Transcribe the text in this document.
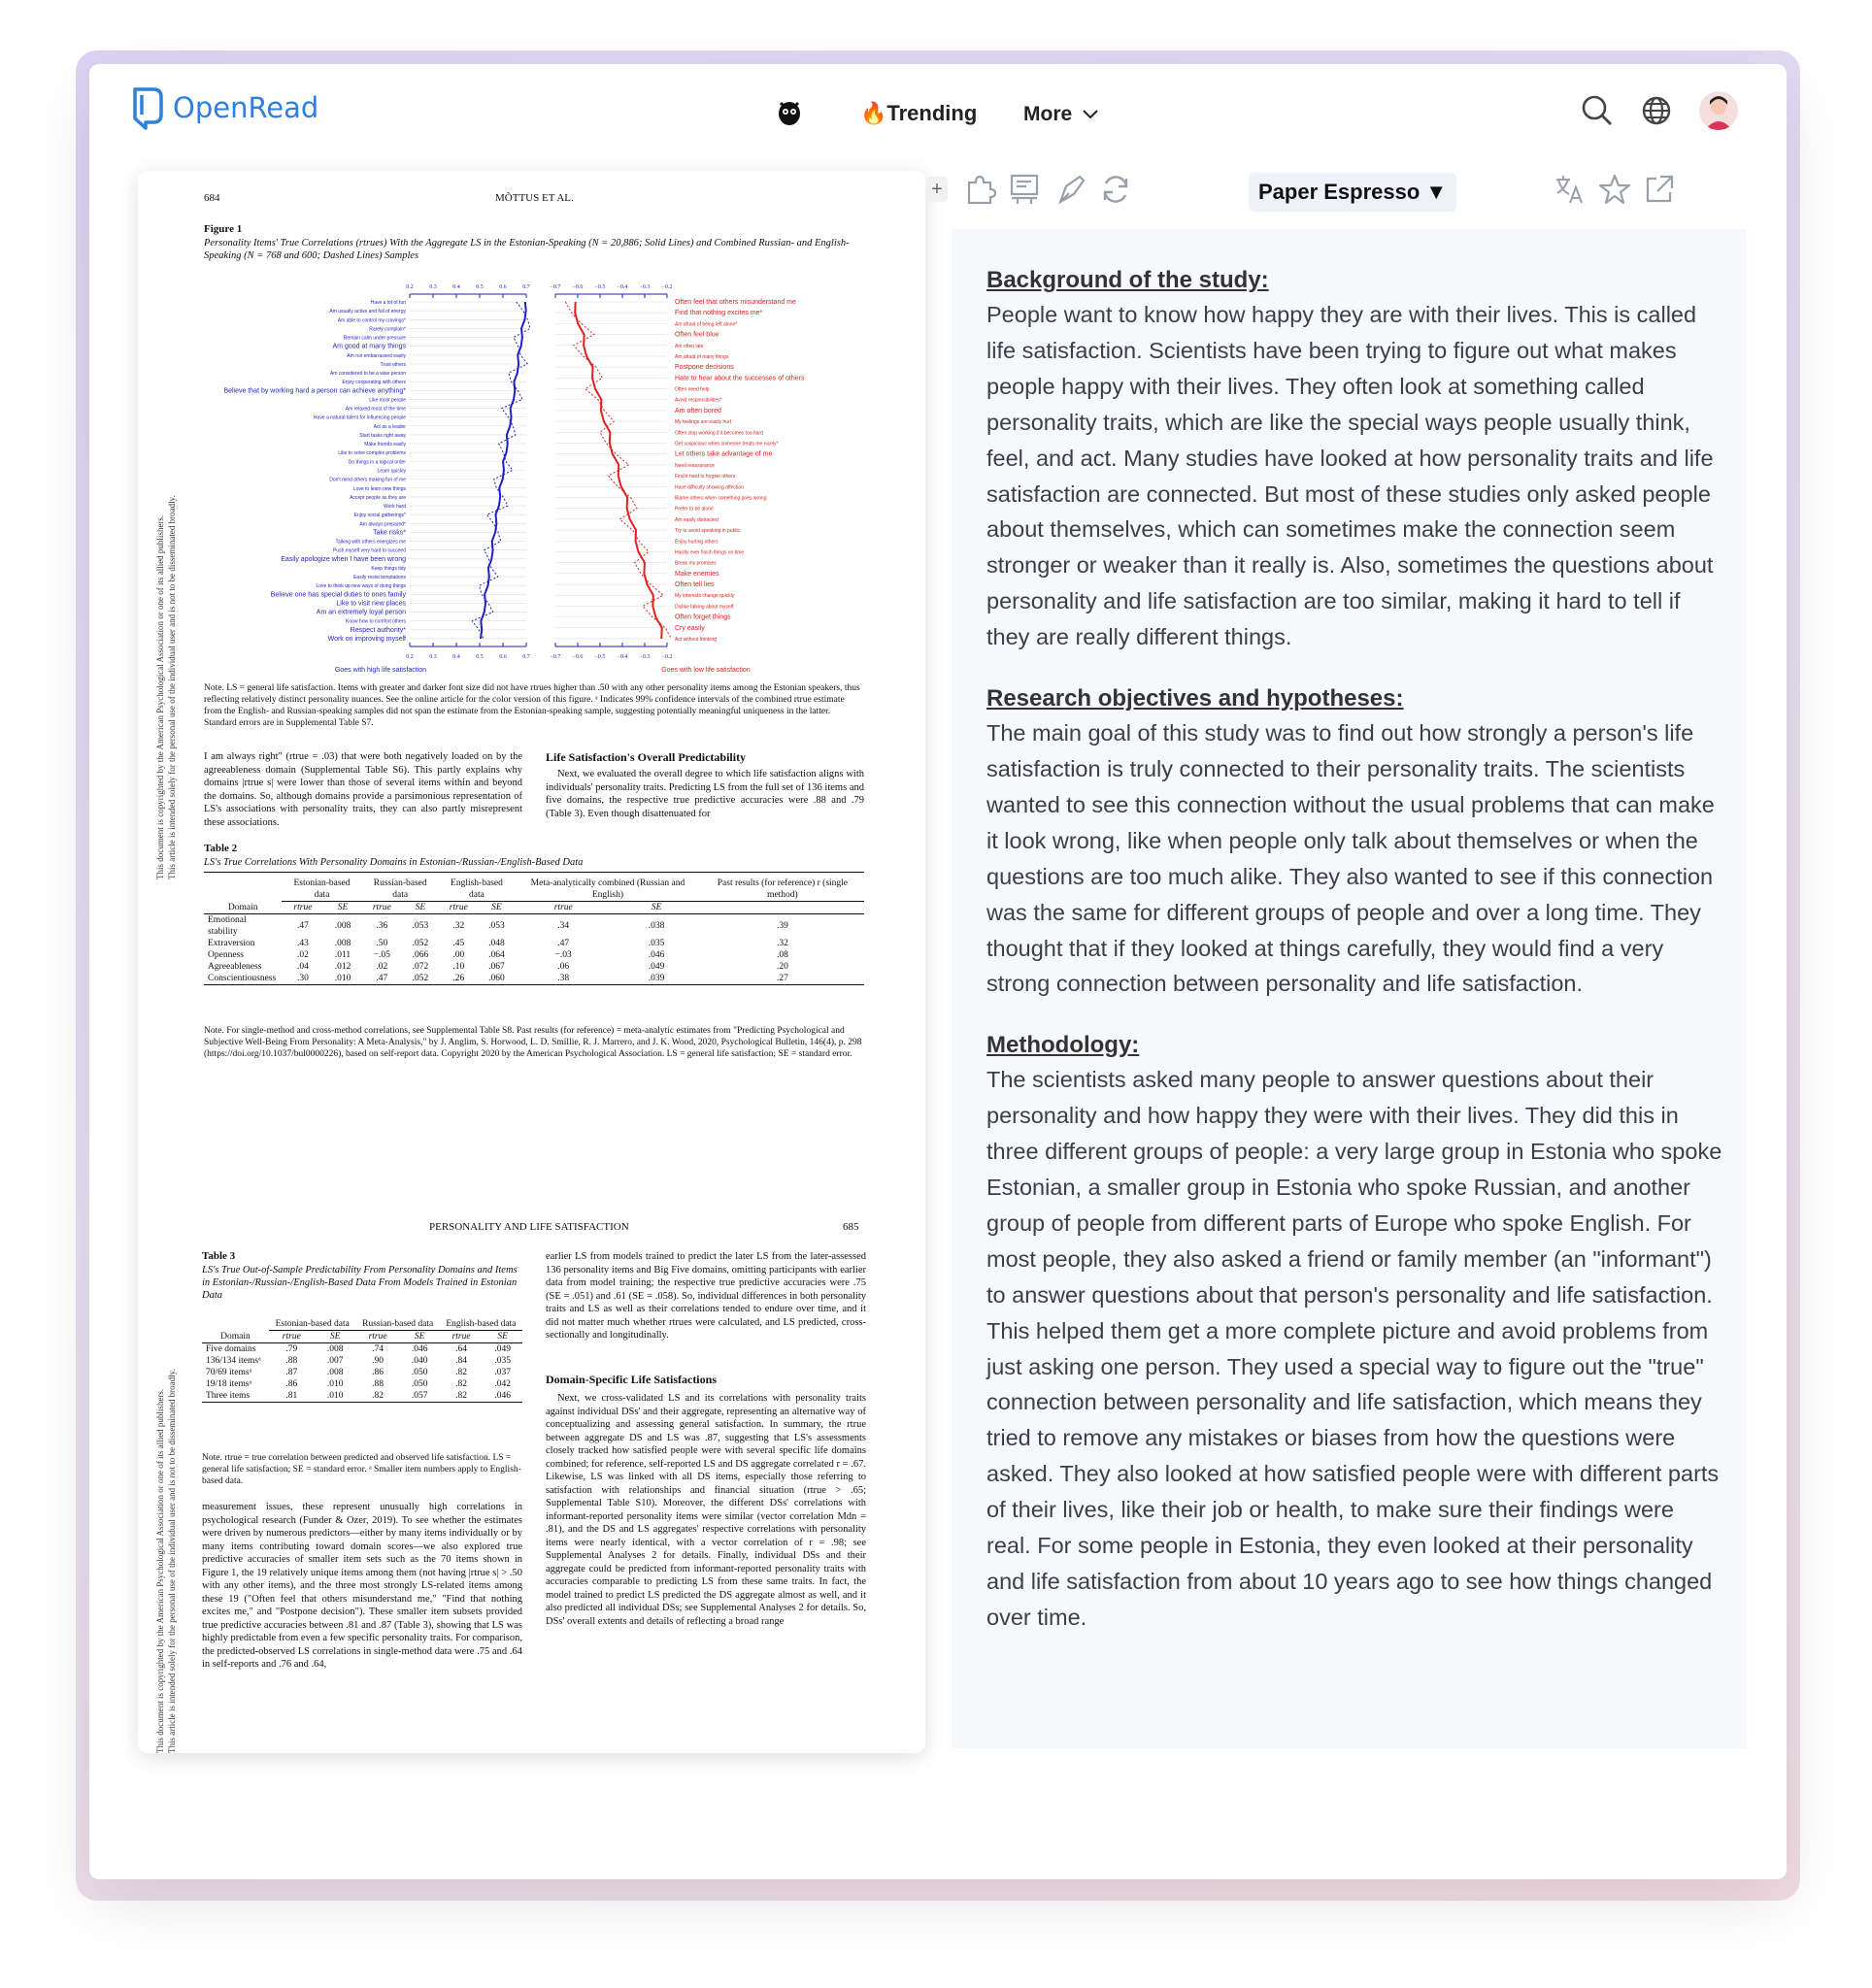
OpenRead	🔥Trending More
684	MÕTTUS ET AL.
This document is copyrighted by the American Psychological Association or one of its allied publishers. This article is intended solely for the personal use of the individual user and is not to be disseminated broadly.
Figure 1
Personality Items' True Correlations (rtrues) With the Aggregate LS in the Estonian-Speaking (N = 20,886; Solid Lines) and Combined Russian- and English-Speaking (N = 768 and 600; Dashed Lines) Samples
0.2
0.2
0.3
0.3
0.4
0.4
0.5
0.5
0.6
0.6
0.7
0.7
−0.7
−0.7
−0.6
−0.6
−0.5
−0.5
−0.4
−0.4
−0.3
−0.3
−0.2
−0.2
Have a lot of fun
Am usually active and full of energy
Am able to control my cravings*
Rarely complain*
Remain calm under pressure
Am good at many things
Am not embarrassed easily
Trust others
Am considered to be a wise person
Enjoy cooperating with others
Believe that by working hard a person can achieve anything*
Like most people
Am relaxed most of the time
Have a natural talent for influencing people
Act as a leader
Start tasks right away
Make friends easily
Like to solve complex problems
Do things in a logical order
Learn quickly
Don't mind others making fun of me
Love to learn new things
Accept people as they are
Work hard
Enjoy social gatherings*
Am always prepared*
Take risks*
Talking with others energizes me
Push myself very hard to succeed
Easily apologize when I have been wrong
Keep things tidy
Easily resist temptations
Love to think up new ways of doing things
Believe one has special duties to ones family
Like to visit new places
Am an extremely loyal person
Know how to comfort others
Respect authority*
Work on improving myself
Often feel that others misunderstand me
Find that nothing excites me*
Am afraid of being left alone*
Often feel blue
Am often late
Am afraid of many things
Postpone decisions
Hate to hear about the successes of others
Often need help
Avoid responsibilities*
Am often bored
My feelings are easily hurt
Often stop working if it becomes too hard
Get suspicious when someone treats me nicely*
Let others take advantage of me
Need reassurance
Find it hard to forgive others
Have difficulty showing affection
Blame others when something goes wrong
Prefer to be alone
Am easily distracted
Try to avoid speaking in public
Enjoy hurting others
Hardly ever finish things on time
Break my promises
Make enemies
Often tell lies
My interests change quickly
Dislike talking about myself
Often forget things
Cry easily
Act without thinking
Goes with high life satisfaction	Goes with low life satisfaction
Note. LS = general life satisfaction. Items with greater and darker font size did not have rtrues higher than .50 with any other personality items among the Estonian speakers, thus reflecting relatively distinct personality nuances. See the online article for the color version of this figure. ᵃ Indicates 99% confidence intervals of the combined rtrue estimate from the English- and Russian-speaking samples did not span the estimate from the Estonian-speaking sample, suggesting potentially meaningful uniqueness in the latter. Standard errors are in Supplemental Table S7.
I am always right" (rtrue = .03) that were both negatively loaded on by the agreeableness domain (Supplemental Table S6). This partly explains why domains |rtrue s| were lower than those of several items within and beyond the domains. So, although domains provide a parsimonious representation of LS's associations with personality traits, they can also partly misrepresent these associations.
Life Satisfaction's Overall Predictability
Next, we evaluated the overall degree to which life satisfaction aligns with individuals' personality traits. Predicting LS from the full set of 136 items and five domains, the respective true predictive accuracies were .88 and .79 (Table 3). Even though disattenuated for
Table 2
LS's True Correlations With Personality Domains in Estonian-/Russian-/English-Based Data
	Estonian-based data		Russian-based data		English-based data		Meta-analytically combined (Russian and English)		Past results (for reference) r (single method)
Domain	rtrue	SE	rtrue	SE	rtrue	SE	rtrue	SE	
Emotional stability	.47	.008	.36	.053	.32	.053	.34	.038	.39
Extraversion	.43	.008	.50	.052	.45	.048	.47	.035	.32
Openness	.02	.011	−.05	.066	.00	.064	−.03	.046	.08
Agreeableness	.04	.012	.02	.072	.10	.067	.06	.049	.20
Conscientiousness	.30	.010	.47	.052	.26	.060	.38	.039	.27
Note. For single-method and cross-method correlations, see Supplemental Table S8. Past results (for reference) = meta-analytic estimates from "Predicting Psychological and Subjective Well-Being From Personality: A Meta-Analysis," by J. Anglim, S. Horwood, L. D. Smillie, R. J. Marrero, and J. K. Wood, 2020, Psychological Bulletin, 146(4), p. 298 (https://doi.org/10.1037/bul0000226), based on self-report data. Copyright 2020 by the American Psychological Association. LS = general life satisfaction; SE = standard error.
PERSONALITY AND LIFE SATISFACTION	685
This document is copyrighted by the American Psychological Association or one of its allied publishers. This article is intended solely for the personal use of the individual user and is not to be disseminated broadly.
Table 3
LS's True Out-of-Sample Predictability From Personality Domains and Items in Estonian-/Russian-/English-Based Data From Models Trained in Estonian Data
	Estonian-based data		Russian-based data		English-based data	
Domain	rtrue	SE	rtrue	SE	rtrue	SE
Five domains	.79	.008	.74	.046	.64	.049
136/134 itemsᵃ	.88	.007	.90	.040	.84	.035
70/69 itemsᵃ	.87	.008	.86	.050	.82	.037
19/18 itemsᵃ	.86	.010	.88	.050	.82	.042
Three items	.81	.010	.82	.057	.82	.046
Note. rtrue = true correlation between predicted and observed life satisfaction. LS = general life satisfaction; SE = standard error. ᵃ Smaller item numbers apply to English-based data.
measurement issues, these represent unusually high correlations in psychological research (Funder & Ozer, 2019). To see whether the estimates were driven by numerous predictors—either by many items individually or by many items contributing toward domain scores—we also explored true predictive accuracies of smaller item sets such as the 70 items shown in Figure 1, the 19 relatively unique items among them (not having |rtrue s| > .50 with any other items), and the three most strongly LS-related items among these 19 ("Often feel that others misunderstand me," "Find that nothing excites me," and "Postpone decision"). These smaller item subsets provided true predictive accuracies between .81 and .87 (Table 3), showing that LS was highly predictable from even a few specific personality traits. For comparison, the predicted-observed LS correlations in single-method data were .75 and .64 in self-reports and .76 and .64,
earlier LS from models trained to predict the later LS from the later-assessed 136 personality items and Big Five domains, omitting participants with earlier data from model training; the respective true predictive accuracies were .75 (SE = .051) and .61 (SE = .058). So, individual differences in both personality traits and LS as well as their correlations tended to endure over time, and it did not matter much whether rtrues were calculated, and LS predicted, cross-sectionally and longitudinally.
Domain-Specific Life Satisfactions
Next, we cross-validated LS and its correlations with personality traits against individual DSs' and their aggregate, representing an alternative way of conceptualizing and assessing general satisfaction. In summary, the rtrue between aggregate DS and LS was .87, suggesting that LS's assessments closely tracked how satisfied people were with several specific life domains combined; for reference, self-reported LS and DS aggregate correlated r = .67. Likewise, LS was linked with all DS items, especially those referring to satisfaction with relationships and financial situation (rtrue > .65; Supplemental Table S10). Moreover, the different DSs' correlations with informant-reported personality items were similar (vector correlation Mdn = .81), and the DS and LS aggregates' respective correlations with personality items were nearly identical, with a vector correlation of r = .98; see Supplemental Analyses 2 for details. Finally, individual DSs and their aggregate could be predicted from informant-reported personality traits with accuracies comparable to predicting LS from these same traits. In fact, the model trained to predict LS predicted the DS aggregate almost as well, and it also predicted all individual DSs; see Supplemental Analyses 2 for details. So, DSs' overall extents and details of reflecting a broad range
+	Paper Espresso ▼
Background of the study:
People want to know how happy they are with their lives. This is called life satisfaction. Scientists have been trying to figure out what makes people happy with their lives. They often look at something called personality traits, which are like the special ways people usually think, feel, and act. Many studies have looked at how personality traits and life satisfaction are connected. But most of these studies only asked people about themselves, which can sometimes make the connection seem stronger or weaker than it really is. Also, sometimes the questions about personality and life satisfaction are too similar, making it hard to tell if they are really different things.
Research objectives and hypotheses:
The main goal of this study was to find out how strongly a person's life satisfaction is truly connected to their personality traits. The scientists wanted to see this connection without the usual problems that can make it look wrong, like when people only talk about themselves or when the questions are too much alike. They also wanted to see if this connection was the same for different groups of people and over a long time. They thought that if they looked at things carefully, they would find a very strong connection between personality and life satisfaction.
Methodology:
The scientists asked many people to answer questions about their personality and how happy they were with their lives. They did this in three different groups of people: a very large group in Estonia who spoke Estonian, a smaller group in Estonia who spoke Russian, and another group of people from different parts of Europe who spoke English. For most people, they also asked a friend or family member (an "informant") to answer questions about that person's personality and life satisfaction. This helped them get a more complete picture and avoid problems from just asking one person. They used a special way to figure out the "true" connection between personality and life satisfaction, which means they tried to remove any mistakes or biases from how the questions were asked. They also looked at how satisfied people were with different parts of their lives, like their job or health, to make sure their findings were real. For some people in Estonia, they even looked at their personality and life satisfaction from about 10 years ago to see how things changed over time.
